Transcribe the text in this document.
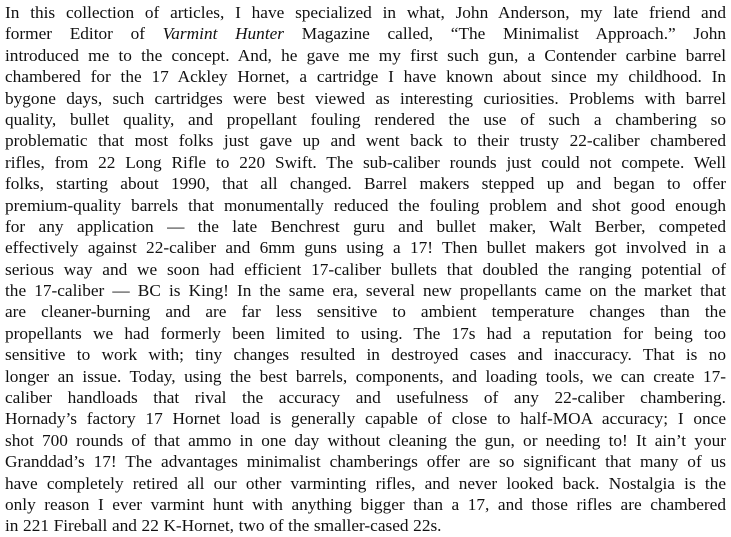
In this collection of articles, I have specialized in what, John Anderson, my late friend and
former Editor of Varmint Hunter Magazine called, “The Minimalist Approach.” John
introduced me to the concept. And, he gave me my first such gun, a Contender carbine barrel
chambered for the 17 Ackley Hornet, a cartridge I have known about since my childhood. In
bygone days, such cartridges were best viewed as interesting curiosities. Problems with barrel
quality, bullet quality, and propellant fouling rendered the use of such a chambering so
problematic that most folks just gave up and went back to their trusty 22-caliber chambered
rifles, from 22 Long Rifle to 220 Swift. The sub-caliber rounds just could not compete. Well
folks, starting about 1990, that all changed. Barrel makers stepped up and began to offer
premium-quality barrels that monumentally reduced the fouling problem and shot good enough
for any application — the late Benchrest guru and bullet maker, Walt Berber, competed
effectively against 22-caliber and 6mm guns using a 17! Then bullet makers got involved in a
serious way and we soon had efficient 17-caliber bullets that doubled the ranging potential of
the 17-caliber — BC is King! In the same era, several new propellants came on the market that
are cleaner-burning and are far less sensitive to ambient temperature changes than the
propellants we had formerly been limited to using. The 17s had a reputation for being too
sensitive to work with; tiny changes resulted in destroyed cases and inaccuracy. That is no
longer an issue. Today, using the best barrels, components, and loading tools, we can create 17-
caliber handloads that rival the accuracy and usefulness of any 22-caliber chambering.
Hornady’s factory 17 Hornet load is generally capable of close to half-MOA accuracy; I once
shot 700 rounds of that ammo in one day without cleaning the gun, or needing to! It ain’t your
Granddad’s 17! The advantages minimalist chamberings offer are so significant that many of us
have completely retired all our other varminting rifles, and never looked back. Nostalgia is the
only reason I ever varmint hunt with anything bigger than a 17, and those rifles are chambered
in 221 Fireball and 22 K-Hornet, two of the smaller-cased 22s.
